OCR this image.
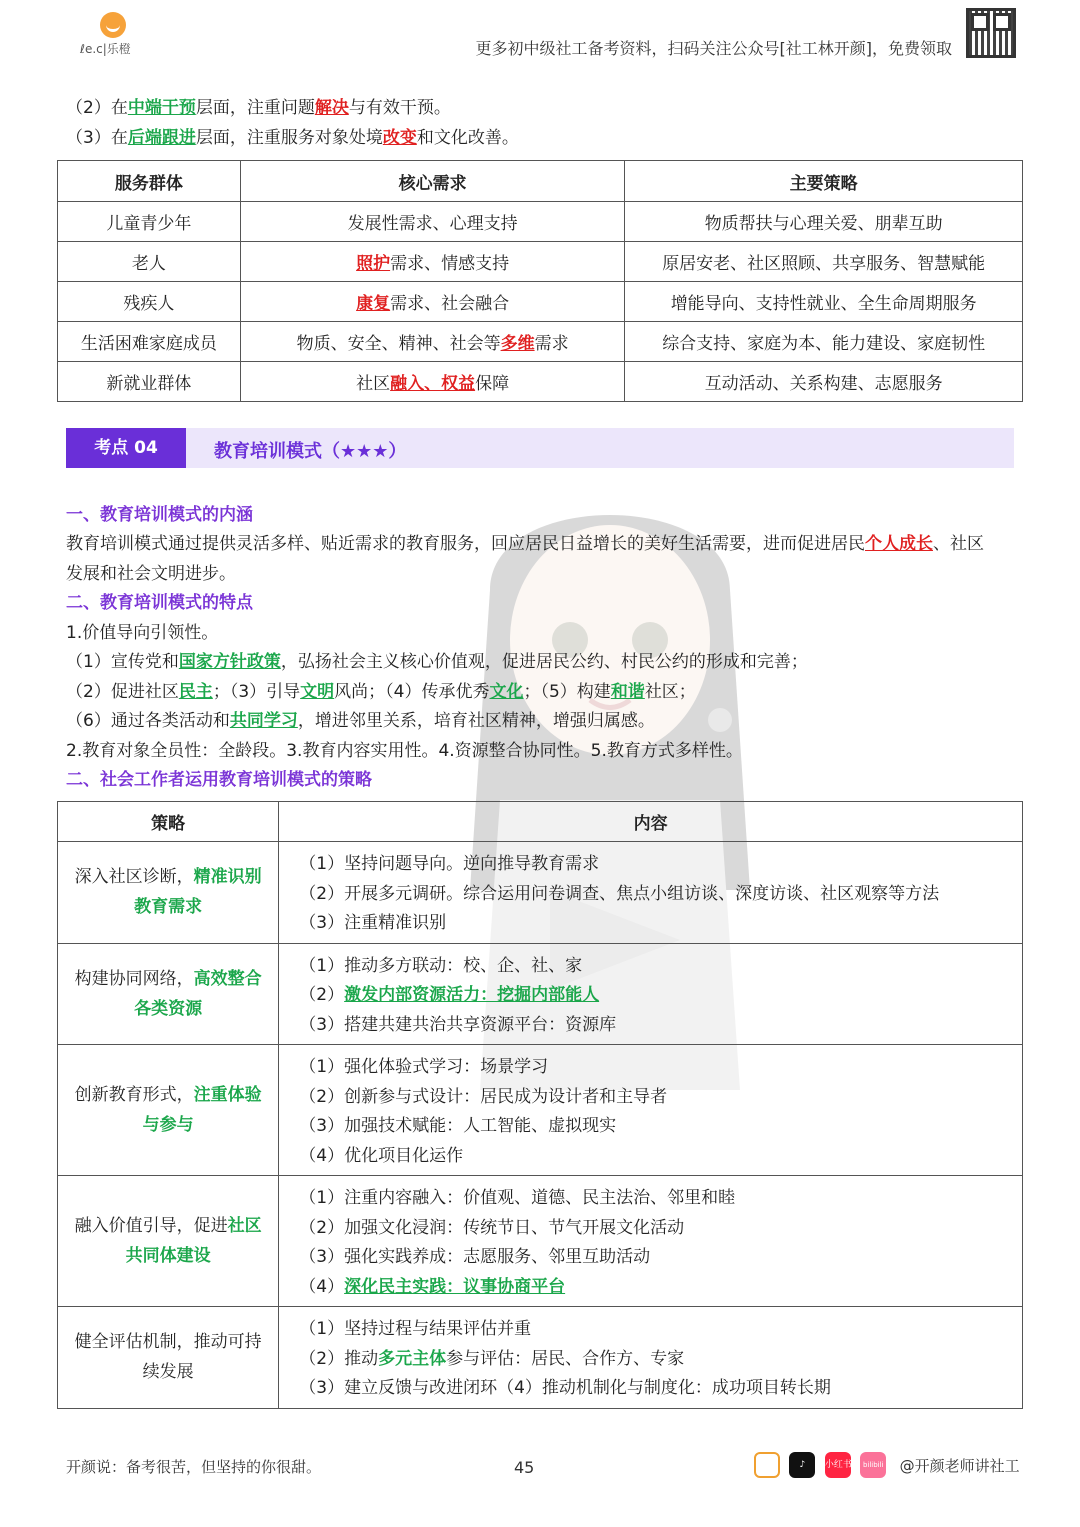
ℓe.c|乐橙	更多初中级社工备考资料，扫码关注公众号[社工林开颜]，免费领取
（2）在中端干预层面，注重问题解决与有效干预。
（3）在后端跟进层面，注重服务对象处境改变和文化改善。
服务群体	核心需求	主要策略
儿童青少年	发展性需求、心理支持	物质帮扶与心理关爱、朋辈互助
老人	照护需求、情感支持	原居安老、社区照顾、共享服务、智慧赋能
残疾人	康复需求、社会融合	增能导向、支持性就业、全生命周期服务
生活困难家庭成员	物质、安全、精神、社会等多维需求	综合支持、家庭为本、能力建设、家庭韧性
新就业群体	社区融入、权益保障	互动活动、关系构建、志愿服务
考点 04	教育培训模式（★★★）
一、教育培训模式的内涵
教育培训模式通过提供灵活多样、贴近需求的教育服务，回应居民日益增长的美好生活需要，进而促进居民个人成长、社区
发展和社会文明进步。
二、教育培训模式的特点
1.价值导向引领性。
（1）宣传党和国家方针政策，弘扬社会主义核心价值观，促进居民公约、村民公约的形成和完善；
（2）促进社区民主；（3）引导文明风尚；（4）传承优秀文化；（5）构建和谐社区；
（6）通过各类活动和共同学习，增进邻里关系，培育社区精神，增强归属感。
2.教育对象全员性：全龄段。3.教育内容实用性。4.资源整合协同性。5.教育方式多样性。
二、社会工作者运用教育培训模式的策略
策略	内容
深入社区诊断，精准识别教育需求	（1）坚持问题导向。逆向推导教育需求
（2）开展多元调研。综合运用问卷调查、焦点小组访谈、深度访谈、社区观察等方法
（3）注重精准识别

构建协同网络，高效整合各类资源	（1）推动多方联动：校、企、社、家
（2）激发内部资源活力：挖掘内部能人
（3）搭建共建共治共享资源平台：资源库

创新教育形式，注重体验与参与	（1）强化体验式学习：场景学习
（2）创新参与式设计：居民成为设计者和主导者
（3）加强技术赋能：人工智能、虚拟现实
（4）优化项目化运作

融入价值引导，促进社区共同体建设	（1）注重内容融入：价值观、道德、民主法治、邻里和睦
（2）加强文化浸润：传统节日、节气开展文化活动
（3）强化实践养成：志愿服务、邻里互助活动
（4）深化民主实践：议事协商平台

健全评估机制，推动可持续发展	（1）坚持过程与结果评估并重
（2）推动多元主体参与评估：居民、合作方、专家
（3）建立反馈与改进闭环（4）推动机制化与制度化：成功项目转长期
开颜说：备考很苦，但坚持的你很甜。	45	♪ 小红书 bilibili @开颜老师讲社工
